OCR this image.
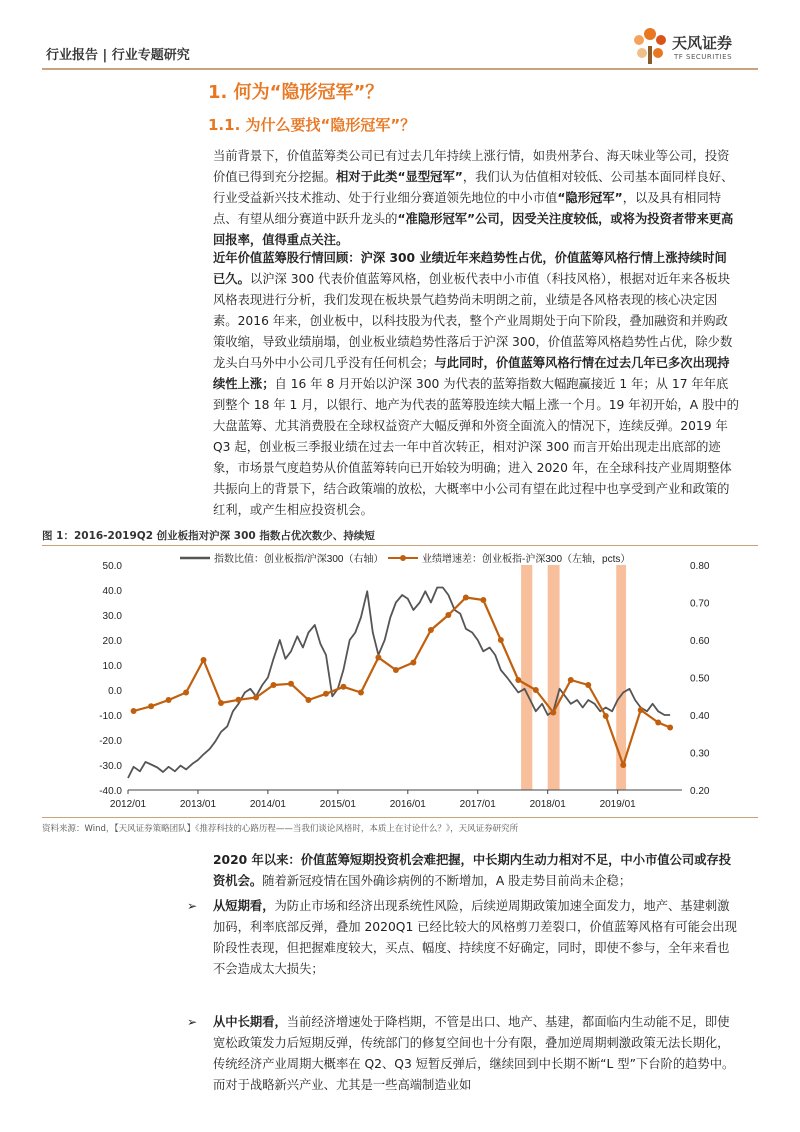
行业报告 | 行业专题研究
天风证券
TF SECURITIES
1. 何为“隐形冠军”？
1.1. 为什么要找“隐形冠军”？
当前背景下，价值蓝筹类公司已有过去几年持续上涨行情，如贵州茅台、海天味业等公司，投资价值已得到充分挖掘。相对于此类“显型冠军”，我们认为估值相对较低、公司基本面同样良好、行业受益新兴技术推动、处于行业细分赛道领先地位的中小市值“隐形冠军”，以及具有相同特点、有望从细分赛道中跃升龙头的“准隐形冠军”公司，因受关注度较低，或将为投资者带来更高回报率，值得重点关注。
近年价值蓝筹股行情回顾：沪深 300 业绩近年来趋势性占优，价值蓝筹风格行情上涨持续时间已久。以沪深 300 代表价值蓝筹风格，创业板代表中小市值（科技风格），根据对近年来各板块风格表现进行分析，我们发现在板块景气趋势尚未明朗之前，业绩是各风格表现的核心决定因素。2016 年来，创业板中，以科技股为代表，整个产业周期处于向下阶段，叠加融资和并购政策收缩，导致业绩崩塌，创业板业绩趋势性落后于沪深 300，价值蓝筹风格趋势性占优，除少数龙头白马外中小公司几乎没有任何机会；与此同时，价值蓝筹风格行情在过去几年已多次出现持续性上涨；自 16 年 8 月开始以沪深 300 为代表的蓝筹指数大幅跑赢接近 1 年；从 17 年年底到整个 18 年 1 月，以银行、地产为代表的蓝筹股连续大幅上涨一个月。19 年初开始，A 股中的大盘蓝筹、尤其消费股在全球权益资产大幅反弹和外资全面流入的情况下，连续反弹。2019 年 Q3 起，创业板三季报业绩在过去一年中首次转正，相对沪深 300 而言开始出现走出底部的迹象，市场景气度趋势从价值蓝筹转向已开始较为明确；进入 2020 年，在全球科技产业周期整体共振向上的背景下，结合政策端的放松，大概率中小公司有望在此过程中也享受到产业和政策的红利，或产生相应投资机会。
图 1：2016-2019Q2 创业板指对沪深 300 指数占优次数少、持续短
指数比值：创业板指/沪深300（右轴）	业绩增速差：创业板指-沪深300（左轴，pcts）
50.0
40.0
30.0
20.0
10.0
0.0
-10.0
-20.0
-30.0
-40.0
0.80
0.70
0.60
0.50
0.40
0.30
0.20
2012/01	2013/01	2014/01	2015/01	2016/01	2017/01	2018/01	2019/01
资料来源：Wind，【天风证券策略团队】《推荐科技的心路历程——当我们谈论风格时，本质上在讨论什么？》，天风证券研究所
2020 年以来：价值蓝筹短期投资机会难把握，中长期内生动力相对不足，中小市值公司或存投资机会。随着新冠疫情在国外确诊病例的不断增加，A 股走势目前尚未企稳；
➢ 从短期看，为防止市场和经济出现系统性风险，后续逆周期政策加速全面发力，地产、基建刺激加码，利率底部反弹，叠加 2020Q1 已经比较大的风格剪刀差裂口，价值蓝筹风格有可能会出现阶段性表现，但把握难度较大，买点、幅度、持续度不好确定，同时，即使不参与，全年来看也不会造成太大损失；
➢ 从中长期看，当前经济增速处于降档期，不管是出口、地产、基建，都面临内生动能不足，即使宽松政策发力后短期反弹，传统部门的修复空间也十分有限，叠加逆周期刺激政策无法长期化，传统经济产业周期大概率在 Q2、Q3 短暂反弹后，继续回到中长期不断“L 型”下台阶的趋势中。而对于战略新兴产业、尤其是一些高端制造业如
